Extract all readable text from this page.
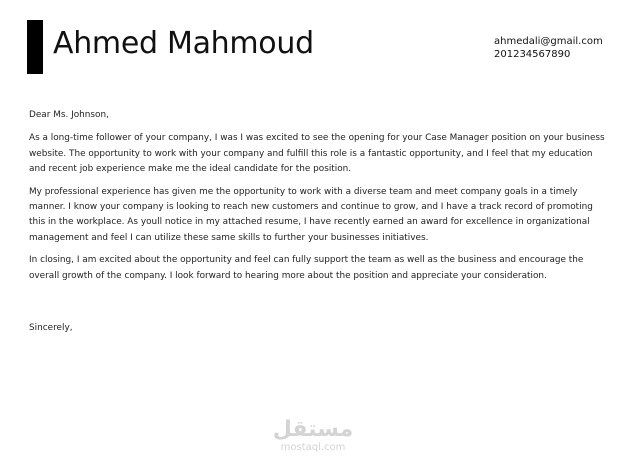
Ahmed Mahmoud	ahmedali@gmail.com
201234567890

Dear Ms. Johnson,

As a long-time follower of your company, I was I was excited to see the opening for your Case Manager position on your business website. The opportunity to work with your company and fulfill this role is a fantastic opportunity, and I feel that my education and recent job experience make me the ideal candidate for the position.

My professional experience has given me the opportunity to work with a diverse team and meet company goals in a timely manner. I know your company is looking to reach new customers and continue to grow, and I have a track record of promoting this in the workplace. As youll notice in my attached resume, I have recently earned an award for excellence in organizational management and feel I can utilize these same skills to further your businesses initiatives.

In closing, I am excited about the opportunity and feel can fully support the team as well as the business and encourage the overall growth of the company. I look forward to hearing more about the position and appreciate your consideration.

Sincerely,

مستقل
mostaql.com
